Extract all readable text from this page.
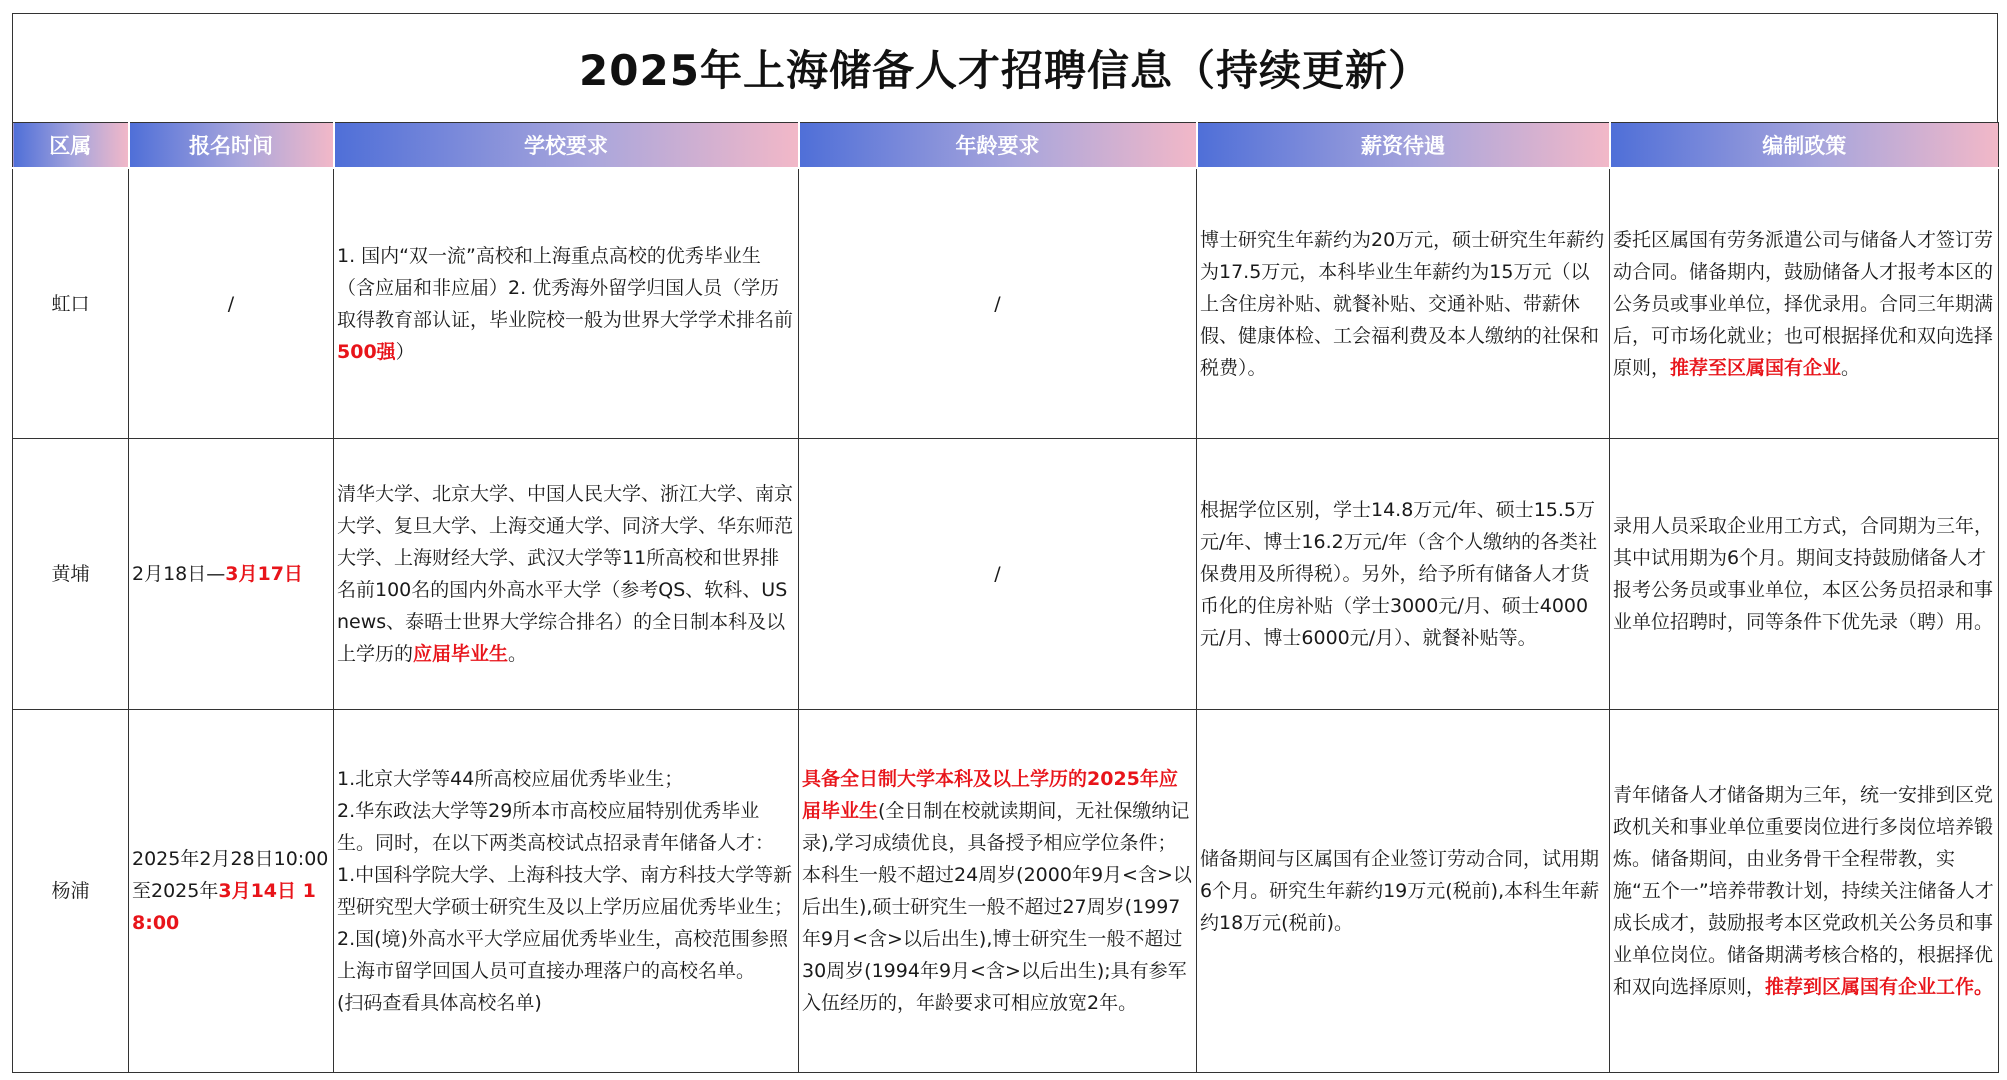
2025年上海储备人才招聘信息（持续更新）
区属	报名时间	学校要求	年龄要求	薪资待遇	编制政策
虹口	/	1. 国内“双一流”高校和上海重点高校的优秀毕业生（含应届和非应届）2. 优秀海外留学归国人员（学历取得教育部认证，毕业院校一般为世界大学学术排名前500强）	/	博士研究生年薪约为20万元，硕士研究生年薪约为17.5万元，本科毕业生年薪约为15万元（以上含住房补贴、就餐补贴、交通补贴、带薪休假、健康体检、工会福利费及本人缴纳的社保和税费）。	委托区属国有劳务派遣公司与储备人才签订劳动合同。储备期内，鼓励储备人才报考本区的公务员或事业单位，择优录用。合同三年期满后，可市场化就业；也可根据择优和双向选择原则，推荐至区属国有企业。
黄埔	2月18日—3月17日	清华大学、北京大学、中国人民大学、浙江大学、南京大学、复旦大学、上海交通大学、同济大学、华东师范大学、上海财经大学、武汉大学等11所高校和世界排名前100名的国内外高水平大学（参考QS、软科、USnews、泰晤士世界大学综合排名）的全日制本科及以上学历的应届毕业生。	/	根据学位区别，学士14.8万元/年、硕士15.5万元/年、博士16.2万元/年（含个人缴纳的各类社保费用及所得税）。另外，给予所有储备人才货币化的住房补贴（学士3000元/月、硕士4000元/月、博士6000元/月）、就餐补贴等。	录用人员采取企业用工方式，合同期为三年，其中试用期为6个月。期间支持鼓励储备人才报考公务员或事业单位，本区公务员招录和事业单位招聘时，同等条件下优先录（聘）用。
杨浦	2025年2月28日10:00至2025年3月14日 18:00	1.北京大学等44所高校应届优秀毕业生；
2.华东政法大学等29所本市高校应届特别优秀毕业生。同时，在以下两类高校试点招录青年储备人才：
1.中国科学院大学、上海科技大学、南方科技大学等新型研究型大学硕士研究生及以上学历应届优秀毕业生；
2.国(境)外高水平大学应届优秀毕业生，高校范围参照上海市留学回国人员可直接办理落户的高校名单。
(扫码查看具体高校名单)	具备全日制大学本科及以上学历的2025年应届毕业生(全日制在校就读期间，无社保缴纳记录),学习成绩优良，具备授予相应学位条件；本科生一般不超过24周岁(2000年9月<含>以后出生),硕士研究生一般不超过27周岁(1997年9月<含>以后出生),博士研究生一般不超过30周岁(1994年9月<含>以后出生);具有参军入伍经历的，年龄要求可相应放宽2年。	储备期间与区属国有企业签订劳动合同，试用期6个月。研究生年薪约19万元(税前),本科生年薪约18万元(税前)。	青年储备人才储备期为三年，统一安排到区党政机关和事业单位重要岗位进行多岗位培养锻炼。储备期间，由业务骨干全程带教，实施“五个一”培养带教计划，持续关注储备人才成长成才，鼓励报考本区党政机关公务员和事业单位岗位。储备期满考核合格的，根据择优和双向选择原则，推荐到区属国有企业工作。
